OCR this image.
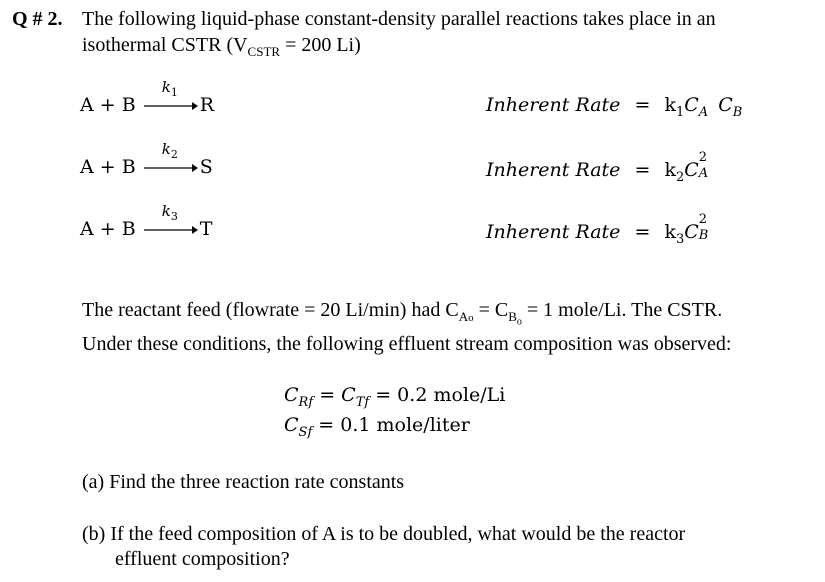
Q # 2. The following liquid-phase constant-density parallel reactions takes place in an
isothermal CSTR ($V_{CSTR} = 200$ Li)
A + B
$k_1$
R	Inherent Rate = $k_1C_A$ $C_B$
A + B
$k_2$
S	Inherent Rate = $k_2C$
2
A
A + B
$k_3$
T	Inherent Rate = $k_3C$
2
B
The reactant feed (flowrate = 20 Li/min) had $C_{Ao} = C_{B_o} = 1$ mole/Li. The CSTR.
Under these conditions, the following effluent stream composition was observed:
$C_{Rf} = C_{Tf} = 0.2$ mole/Li
$C_{Sf} = 0.1$ mole/liter
(a) Find the three reaction rate constants
(b) If the feed composition of A is to be doubled, what would be the reactor
effluent composition?
